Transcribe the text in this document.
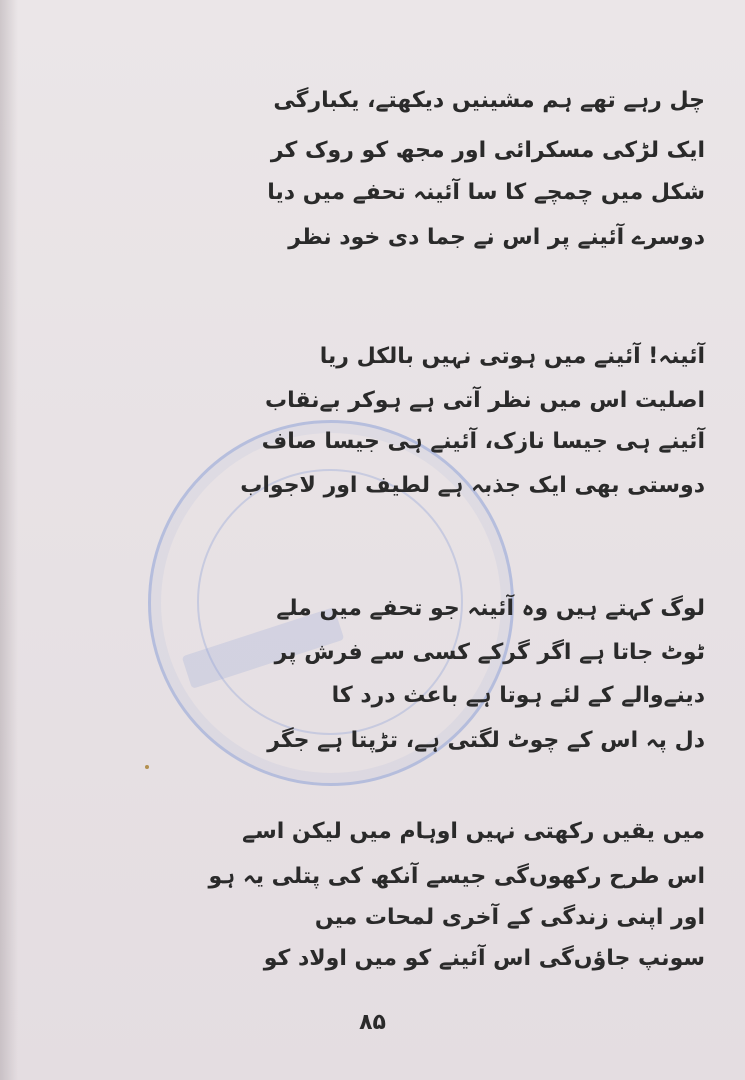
چل رہے تھے ہم مشینیں دیکھتے، یکبارگی
ایک لڑکی مسکرائی اور مجھ کو روک کر
شکل میں چمچے کا سا آئینہ تحفے میں دیا
دوسرے آئینے پر اس نے جما دی خود نظر
آئینہ! آئینے میں ہوتی نہیں بالکل ریا
اصلیت اس میں نظر آتی ہے ہوکر بےنقاب
آئینے ہی جیسا نازک، آئینے ہی جیسا صاف
دوستی بھی ایک جذبہ ہے لطیف اور لاجواب
لوگ کہتے ہیں وہ آئینہ جو تحفے میں ملے
ٹوٹ جاتا ہے اگر گرکے کسی سے فرش پر
دینےوالے کے لئے ہوتا ہے باعث درد کا
دل پہ اس کے چوٹ لگتی ہے، تڑپتا ہے جگر
میں یقیں رکھتی نہیں اوہام میں لیکن اسے
اس طرح رکھوں‌گی جیسے آنکھ کی پتلی یہ ہو
اور اپنی زندگی کے آخری لمحات میں
سونپ جاؤں‌گی اس آئینے کو میں اولاد کو
۸۵
